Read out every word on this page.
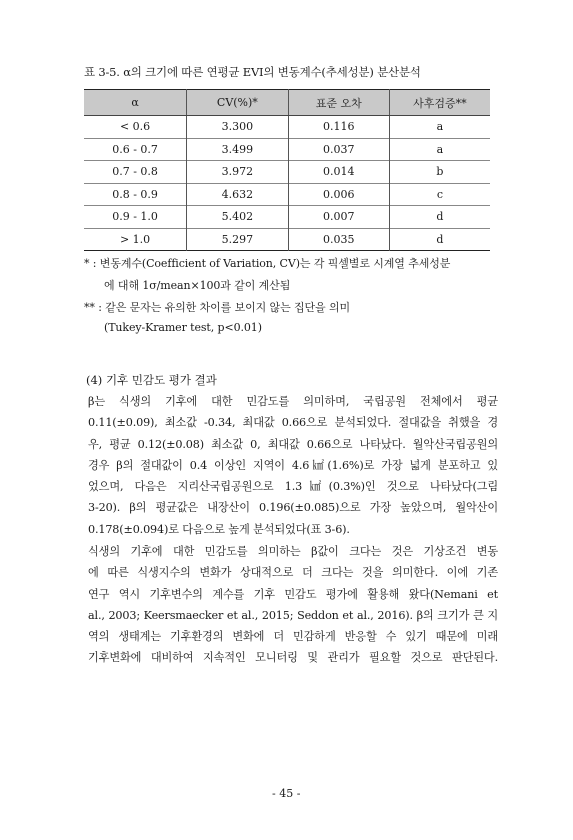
표 3-5. α의 크기에 따른 연평균 EVI의 변동계수(추세성분) 분산분석
α	CV(%)*	표준 오차	사후검증**
< 0.6	3.300	0.116	a
0.6 - 0.7	3.499	0.037	a
0.7 - 0.8	3.972	0.014	b
0.8 - 0.9	4.632	0.006	c
0.9 - 1.0	5.402	0.007	d
> 1.0	5.297	0.035	d
* : 변동계수(Coefficient of Variation, CV)는 각 픽셀별로 시계열 추세성분
에 대해 1σ/mean×100과 같이 계산됨
** : 같은 문자는 유의한 차이를 보이지 않는 집단을 의미
(Tukey-Kramer test, p<0.01)
(4) 기후 민감도 평가 결과
β는 식생의 기후에 대한 민감도를 의미하며, 국립공원 전체에서 평균
0.11(±0.09), 최소값 -0.34, 최대값 0.66으로 분석되었다. 절대값을 취했을 경
우, 평균 0.12(±0.08) 최소값 0, 최대값 0.66으로 나타났다. 월악산국립공원의
경우 β의 절대값이 0.4 이상인 지역이 4.6㎢(1.6%)로 가장 넓게 분포하고 있
었으며, 다음은 지리산국립공원으로 1.3㎢(0.3%)인 것으로 나타났다(그림
3-20). β의 평균값은 내장산이 0.196(±0.085)으로 가장 높았으며, 월악산이
0.178(±0.094)로 다음으로 높게 분석되었다(표 3-6).
식생의 기후에 대한 민감도를 의미하는 β값이 크다는 것은 기상조건 변동
에 따른 식생지수의 변화가 상대적으로 더 크다는 것을 의미한다. 이에 기존
연구 역시 기후변수의 계수를 기후 민감도 평가에 활용해 왔다(Nemani et
al., 2003; Keersmaecker et al., 2015; Seddon et al., 2016). β의 크기가 큰 지
역의 생태계는 기후환경의 변화에 더 민감하게 반응할 수 있기 때문에 미래
기후변화에 대비하여 지속적인 모니터링 및 관리가 필요할 것으로 판단된다.
- 45 -
